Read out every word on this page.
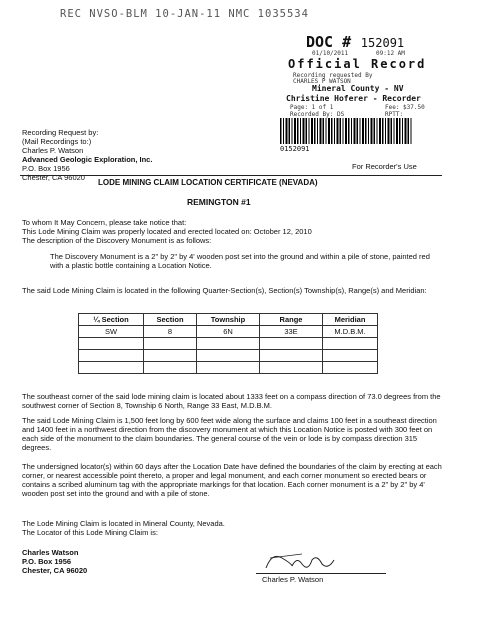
REC NVSO-BLM 10-JAN-11 NMC 1035534
DOC # 152091
01/10/2011	09:12 AM
Official Record
Recording requested By
CHARLES P WATSON
Mineral County - NV
Christine Hoferer - Recorder
Page: 1 of 1	Fee: $37.50
Recorded By: DS	RPTT:
0152091
For Recorder's Use
Recording Request by:
(Mail Recordings to:)
Charles P. Watson
Advanced Geologic Exploration, Inc.
P.O. Box 1956
Chester, CA 96020
LODE MINING CLAIM LOCATION CERTIFICATE (NEVADA)
REMINGTON #1
To whom It May Concern, please take notice that:
This Lode Mining Claim was properly located and erected located on: October 12, 2010
The description of the Discovery Monument is as follows:
The Discovery Monument is a 2" by 2" by 4' wooden post set into the ground and within a pile of stone, painted red with a plastic bottle containing a Location Notice.
The said Lode Mining Claim is located in the following Quarter-Section(s), Section(s) Township(s), Range(s) and Meridian:
¼ Section	Section	Township	Range	Meridian
SW	8	6N	33E	M.D.B.M.

The southeast corner of the said lode mining claim is located about 1333 feet on a compass direction of 73.0 degrees from the southwest corner of Section 8, Township 6 North, Range 33 East, M.D.B.M.
The said Lode Mining Claim is 1,500 feet long by 600 feet wide along the surface and claims 100 feet in a southeast direction and 1400 feet in a northwest direction from the discovery monument at which this Location Notice is posted with 300 feet on each side of the monument to the claim boundaries. The general course of the vein or lode is by compass direction 315 degrees.
The undersigned locator(s) within 60 days after the Location Date have defined the boundaries of the claim by erecting at each corner, or nearest accessible point thereto, a proper and legal monument, and each corner monument so erected bears or contains a scribed aluminum tag with the appropriate markings for that location. Each corner monument is a 2" by 2" by 4' wooden post set into the ground and with a pile of stone.
The Lode Mining Claim is located in Mineral County, Nevada.
The Locator of this Lode Mining Claim is:
Charles Watson
P.O. Box 1956
Chester, CA 96020
Charles P. Watson
